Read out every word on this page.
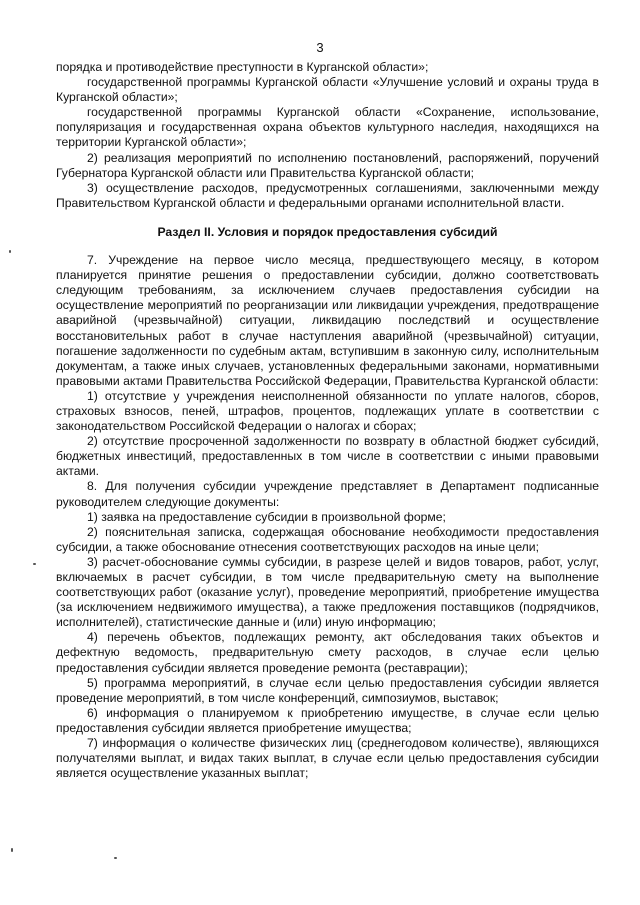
3

порядка и противодействие преступности в Курганской области»;

государственной программы Курганской области «Улучшение условий и охраны труда в Курганской области»;

государственной программы Курганской области «Сохранение, использование, популяризация и государственная охрана объектов культурного наследия, находящихся на территории Курганской области»;

2) реализация мероприятий по исполнению постановлений, распоряжений, поручений Губернатора Курганской области или Правительства Курганской области;

3) осуществление расходов, предусмотренных соглашениями, заключенными между Правительством Курганской области и федеральными органами исполнительной власти.

Раздел II. Условия и порядок предоставления субсидий

7. Учреждение на первое число месяца, предшествующего месяцу, в котором планируется принятие решения о предоставлении субсидии, должно соответствовать следующим требованиям, за исключением случаев предоставления субсидии на осуществление мероприятий по реорганизации или ликвидации учреждения, предотвращение аварийной (чрезвычайной) ситуации, ликвидацию последствий и осуществление восстановительных работ в случае наступления аварийной (чрезвычайной) ситуации, погашение задолженности по судебным актам, вступившим в законную силу, исполнительным документам, а также иных случаев, установленных федеральными законами, нормативными правовыми актами Правительства Российской Федерации, Правительства Курганской области:

1) отсутствие у учреждения неисполненной обязанности по уплате налогов, сборов, страховых взносов, пеней, штрафов, процентов, подлежащих уплате в соответствии с законодательством Российской Федерации о налогах и сборах;

2) отсутствие просроченной задолженности по возврату в областной бюджет субсидий, бюджетных инвестиций, предоставленных в том числе в соответствии с иными правовыми актами.

8. Для получения субсидии учреждение представляет в Департамент подписанные руководителем следующие документы:

1) заявка на предоставление субсидии в произвольной форме;

2) пояснительная записка, содержащая обоснование необходимости предоставления субсидии, а также обоснование отнесения соответствующих расходов на иные цели;

3) расчет-обоснование суммы субсидии, в разрезе целей и видов товаров, работ, услуг, включаемых в расчет субсидии, в том числе предварительную смету на выполнение соответствующих работ (оказание услуг), проведение мероприятий, приобретение имущества (за исключением недвижимого имущества), а также предложения поставщиков (подрядчиков, исполнителей), статистические данные и (или) иную информацию;

4) перечень объектов, подлежащих ремонту, акт обследования таких объектов и дефектную ведомость, предварительную смету расходов, в случае если целью предоставления субсидии является проведение ремонта (реставрации);

5) программа мероприятий, в случае если целью предоставления субсидии является проведение мероприятий, в том числе конференций, симпозиумов, выставок;

6) информация о планируемом к приобретению имуществе, в случае если целью предоставления субсидии является приобретение имущества;

7) информация о количестве физических лиц (среднегодовом количестве), являющихся получателями выплат, и видах таких выплат, в случае если целью предоставления субсидии является осуществление указанных выплат;
